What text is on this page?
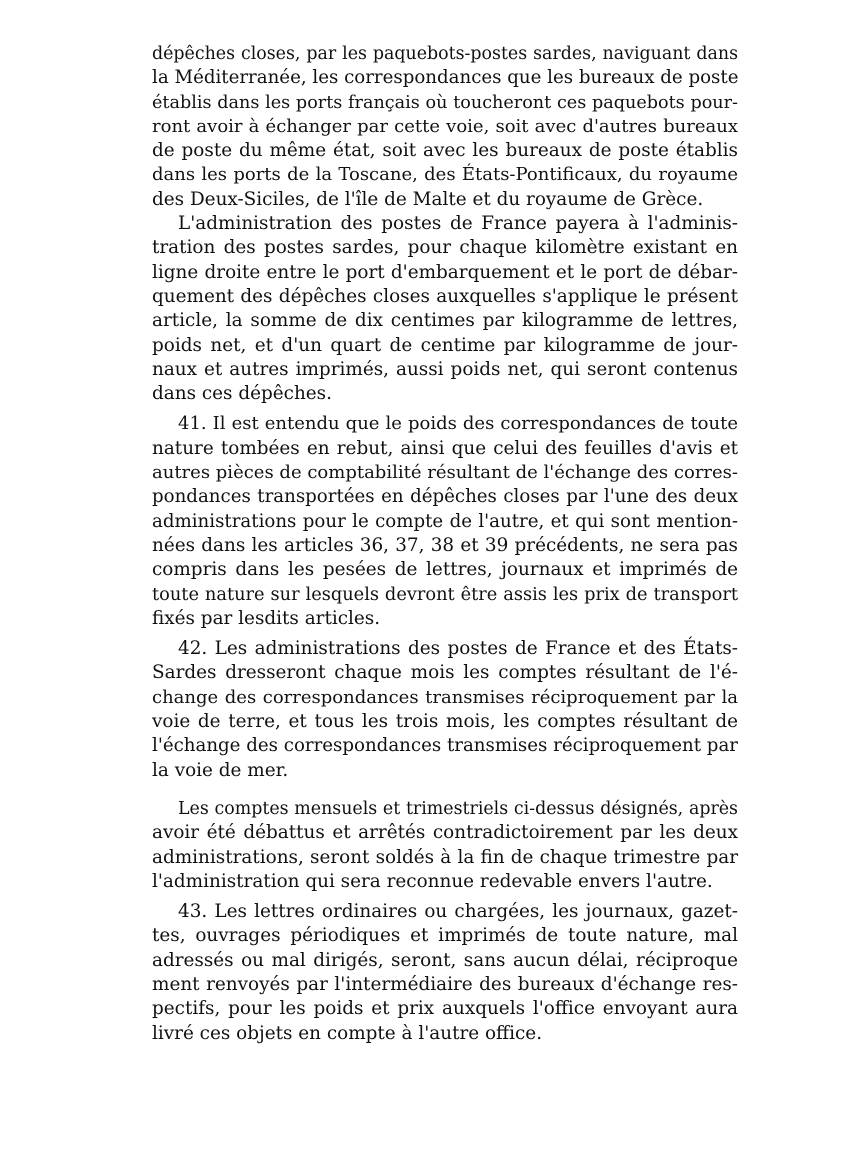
dépêches closes, par les paquebots-postes sardes, naviguant dans
la Méditerranée, les correspondances que les bureaux de poste
établis dans les ports français où toucheront ces paquebots pour-
ront avoir à échanger par cette voie, soit avec d'autres bureaux
de poste du même état, soit avec les bureaux de poste établis
dans les ports de la Toscane, des États-Pontificaux, du royaume
des Deux-Siciles, de l'île de Malte et du royaume de Grèce.
L'administration des postes de France payera à l'adminis-
tration des postes sardes, pour chaque kilomètre existant en
ligne droite entre le port d'embarquement et le port de débar-
quement des dépêches closes auxquelles s'applique le présent
article, la somme de dix centimes par kilogramme de lettres,
poids net, et d'un quart de centime par kilogramme de jour-
naux et autres imprimés, aussi poids net, qui seront contenus
dans ces dépêches.
41. Il est entendu que le poids des correspondances de toute
nature tombées en rebut, ainsi que celui des feuilles d'avis et
autres pièces de comptabilité résultant de l'échange des corres-
pondances transportées en dépêches closes par l'une des deux
administrations pour le compte de l'autre, et qui sont mention-
nées dans les articles 36, 37, 38 et 39 précédents, ne sera pas
compris dans les pesées de lettres, journaux et imprimés de
toute nature sur lesquels devront être assis les prix de transport
fixés par lesdits articles.
42. Les administrations des postes de France et des États-
Sardes dresseront chaque mois les comptes résultant de l'é-
change des correspondances transmises réciproquement par la
voie de terre, et tous les trois mois, les comptes résultant de
l'échange des correspondances transmises réciproquement par
la voie de mer.
Les comptes mensuels et trimestriels ci-dessus désignés, après
avoir été débattus et arrêtés contradictoirement par les deux
administrations, seront soldés à la fin de chaque trimestre par
l'administration qui sera reconnue redevable envers l'autre.
43. Les lettres ordinaires ou chargées, les journaux, gazet-
tes, ouvrages périodiques et imprimés de toute nature, mal
adressés ou mal dirigés, seront, sans aucun délai, réciproque
ment renvoyés par l'intermédiaire des bureaux d'échange res-
pectifs, pour les poids et prix auxquels l'office envoyant aura
livré ces objets en compte à l'autre office.
